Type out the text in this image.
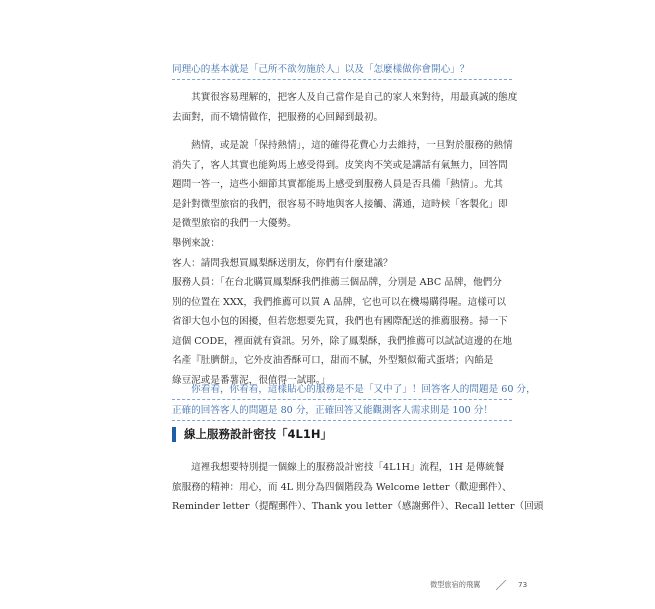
同理心的基本就是「己所不欲勿施於人」以及「怎麼樣做你會開心」？
　　其實很容易理解的，把客人及自己當作是自己的家人來對待，用最真誠的態度
去面對，而不矯情做作，把服務的心回歸到最初。
　　熱情，或是說「保持熱情」，這的確得花費心力去維持，一旦對於服務的熱情
消失了，客人其實也能夠馬上感受得到。皮笑肉不笑或是講話有氣無力，回答問
題問一答一，這些小細節其實都能馬上感受到服務人員是否具備「熱情」。尤其
是針對微型旅宿的我們，很容易不時地與客人接觸、溝通，這時候「客製化」即
是微型旅宿的我們一大優勢。
舉例來說：
客人：請問我想買鳳梨酥送朋友，你們有什麼建議？
服務人員：「在台北購買鳳梨酥我們推薦三個品牌，分別是 ABC 品牌，他們分
別的位置在 XXX，我們推薦可以買 A 品牌，它也可以在機場購得喔。這樣可以
省卻大包小包的困擾，但若您想要先買，我們也有國際配送的推薦服務。掃一下
這個 CODE，裡面就有資訊。另外，除了鳳梨酥，我們推薦可以試試這邊的在地
名產『肚臍餅』，它外皮油香酥可口，甜而不膩，外型類似葡式蛋塔；內餡是
綠豆泥或是番薯泥，很值得一試耶。」
　　你看看，你看看，這樣貼心的服務是不是「又中了」！回答客人的問題是 60 分，
正確的回答客人的問題是 80 分，正確回答又能觀測客人需求則是 100 分！
線上服務設計密技「4L1H」
　　這裡我想要特別提一個線上的服務設計密技「4L1H」流程，1H 是傳統餐
旅服務的精神：用心，而 4L 則分為四個階段為 Welcome letter（歡迎郵件）、
Reminder letter（提醒郵件）、Thank you letter（感謝郵件）、Recall letter（回頭
微型旅宿的飛翼	73
